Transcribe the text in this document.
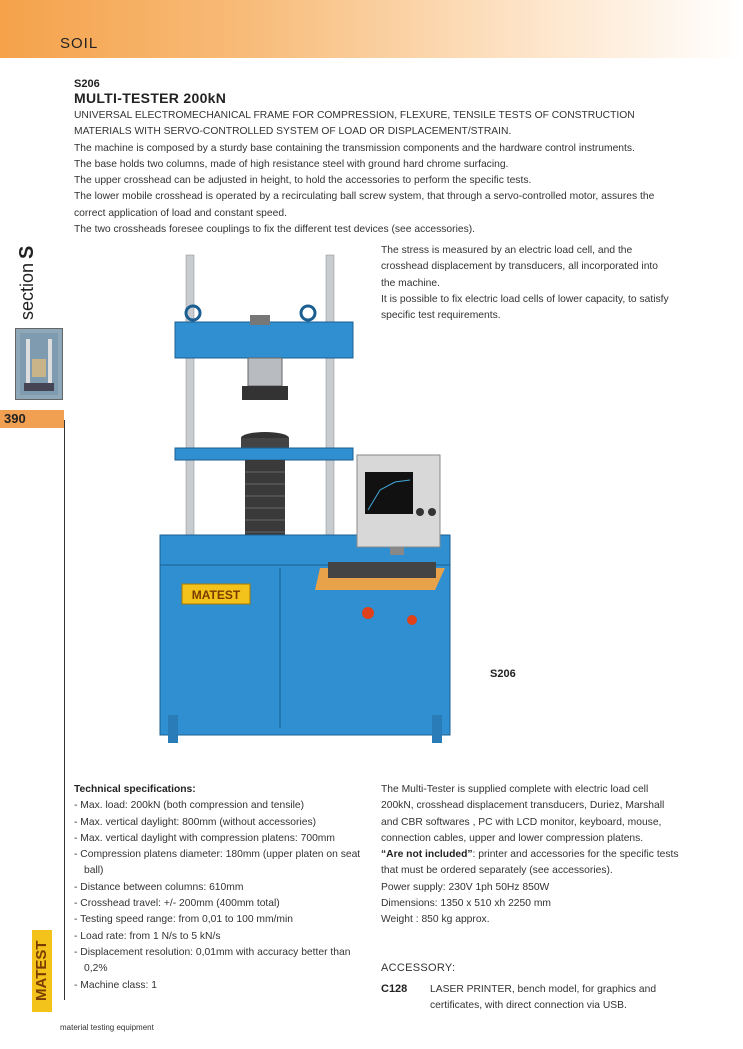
SOIL
sectionS
390
MATEST
material testing equipment
S206
MULTI-TESTER 200kN

UNIVERSAL ELECTROMECHANICAL FRAME FOR COMPRESSION, FLEXURE, TENSILE TESTS OF CONSTRUCTION MATERIALS WITH SERVO-CONTROLLED SYSTEM OF LOAD OR DISPLACEMENT/STRAIN.

The machine is composed by a sturdy base containing the transmission components and the hardware control instruments.

The base holds two columns, made of high resistance steel with ground hard chrome surfacing.

The upper crosshead can be adjusted in height, to hold the accessories to perform the specific tests.

The lower mobile crosshead is operated by a recirculating ball screw system, that through a servo-controlled motor, assures the correct application of load and constant speed.

The two crossheads foresee couplings to fix the different test devices (see accessories).

The stress is measured by an electric load cell, and the crosshead displacement by transducers, all incorporated into the machine.

It is possible to fix electric load cells of lower capacity, to satisfy specific test requirements.

MATEST
S206
Technical specifications:
- Max. load: 200kN (both compression and tensile)
- Max. vertical daylight: 800mm (without accessories)
- Max. vertical daylight with compression platens: 700mm
- Compression platens diameter: 180mm (upper platen on seat ball)
- Distance between columns: 610mm
- Crosshead travel: +/- 200mm (400mm total)
- Testing speed range: from 0,01 to 100 mm/min
- Load rate: from 1 N/s to 5 kN/s
- Displacement resolution: 0,01mm with accuracy better than 0,2%
- Machine class: 1

The Multi-Tester is supplied complete with electric load cell 200kN, crosshead displacement transducers, Duriez, Marshall and CBR softwares , PC with LCD monitor, keyboard, mouse, connection cables, upper and lower compression platens.

“Are not included”: printer and accessories for the specific tests that must be ordered separately (see accessories).

Power supply: 230V 1ph 50Hz 850W

Dimensions: 1350 x 510 xh 2250 mm

Weight : 850 kg approx.

ACCESSORY:
C128 LASER PRINTER, bench model, for graphics and certificates, with direct connection via USB.
